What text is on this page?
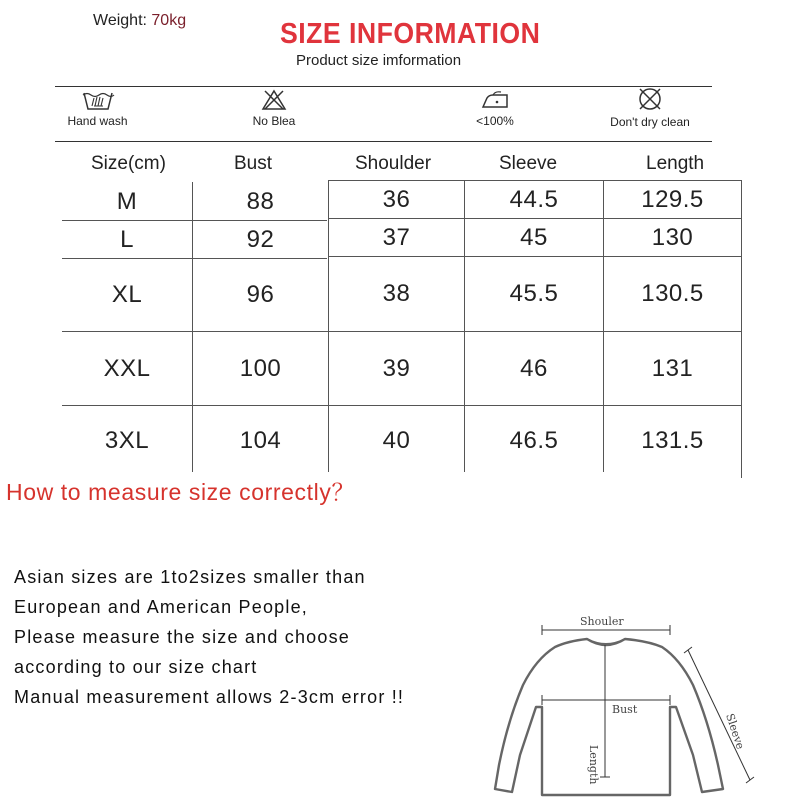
Weight: 70kg	SIZE INFORMATION
Product size imformation
Hand wash	No Blea	<100%	Don't dry clean
Size(cm)	Bust	Shoulder	Sleeve	Length
M	88	36	44.5	129.5
L	92	37	45	130
XL	96	38	45.5	130.5
XXL	100	39	46	131
3XL	104	40	46.5	131.5
How to measure size correctly？
Asian sizes are 1to2sizes smaller than
European and American People,
Please measure the size and choose
according to our size chart
Manual measurement allows 2-3cm error !!
Shouler
Length
Bust
Sleeve
